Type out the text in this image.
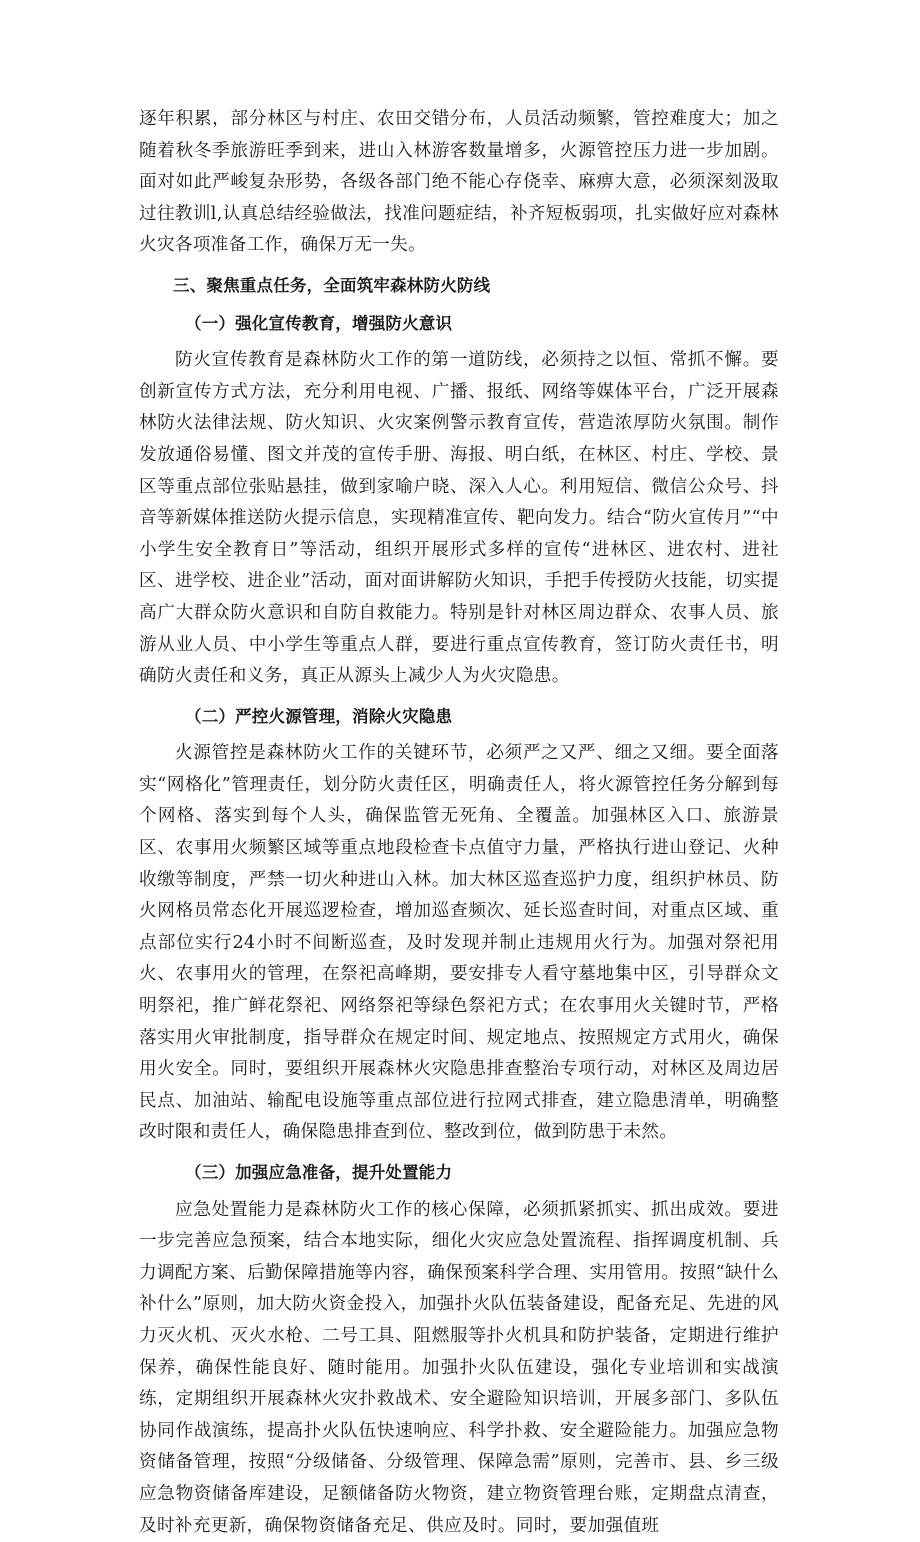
逐年积累，部分林区与村庄、农田交错分布，人员活动频繁，管控难度大；加之随着秋冬季旅游旺季到来，进山入林游客数量增多，火源管控压力进一步加剧。面对如此严峻复杂形势，各级各部门绝不能心存侥幸、麻痹大意，必须深刻汲取过往教训l,认真总结经验做法，找准问题症结，补齐短板弱项，扎实做好应对森林火灾各项准备工作，确保万无一失。

三、聚焦重点任务，全面筑牢森林防火防线
（一）强化宣传教育，增强防火意识

防火宣传教育是森林防火工作的第一道防线，必须持之以恒、常抓不懈。要创新宣传方式方法，充分利用电视、广播、报纸、网络等媒体平台，广泛开展森林防火法律法规、防火知识、火灾案例警示教育宣传，营造浓厚防火氛围。制作发放通俗易懂、图文并茂的宣传手册、海报、明白纸，在林区、村庄、学校、景区等重点部位张贴悬挂，做到家喻户晓、深入人心。利用短信、微信公众号、抖音等新媒体推送防火提示信息，实现精准宣传、靶向发力。结合“防火宣传月”“中小学生安全教育日”等活动，组织开展形式多样的宣传“进林区、进农村、进社区、进学校、进企业”活动，面对面讲解防火知识，手把手传授防火技能，切实提高广大群众防火意识和自防自救能力。特别是针对林区周边群众、农事人员、旅游从业人员、中小学生等重点人群，要进行重点宣传教育，签订防火责任书，明确防火责任和义务，真正从源头上减少人为火灾隐患。

（二）严控火源管理，消除火灾隐患

火源管控是森林防火工作的关键环节，必须严之又严、细之又细。要全面落实“网格化”管理责任，划分防火责任区，明确责任人，将火源管控任务分解到每个网格、落实到每个人头，确保监管无死角、全覆盖。加强林区入口、旅游景区、农事用火频繁区域等重点地段检查卡点值守力量，严格执行进山登记、火种收缴等制度，严禁一切火种进山入林。加大林区巡查巡护力度，组织护林员、防火网格员常态化开展巡逻检查，增加巡查频次、延长巡查时间，对重点区域、重点部位实行24小时不间断巡查，及时发现并制止违规用火行为。加强对祭祀用火、农事用火的管理，在祭祀高峰期，要安排专人看守墓地集中区，引导群众文明祭祀，推广鲜花祭祀、网络祭祀等绿色祭祀方式；在农事用火关键时节，严格落实用火审批制度，指导群众在规定时间、规定地点、按照规定方式用火，确保用火安全。同时，要组织开展森林火灾隐患排查整治专项行动，对林区及周边居民点、加油站、输配电设施等重点部位进行拉网式排查，建立隐患清单，明确整改时限和责任人，确保隐患排查到位、整改到位，做到防患于未然。

（三）加强应急准备，提升处置能力

应急处置能力是森林防火工作的核心保障，必须抓紧抓实、抓出成效。要进一步完善应急预案，结合本地实际，细化火灾应急处置流程、指挥调度机制、兵力调配方案、后勤保障措施等内容，确保预案科学合理、实用管用。按照“缺什么补什么”原则，加大防火资金投入，加强扑火队伍装备建设，配备充足、先进的风力灭火机、灭火水枪、二号工具、阻燃服等扑火机具和防护装备，定期进行维护保养，确保性能良好、随时能用。加强扑火队伍建设，强化专业培训和实战演练，定期组织开展森林火灾扑救战术、安全避险知识培训，开展多部门、多队伍协同作战演练，提高扑火队伍快速响应、科学扑救、安全避险能力。加强应急物资储备管理，按照“分级储备、分级管理、保障急需”原则，完善市、县、乡三级应急物资储备库建设，足额储备防火物资，建立物资管理台账，定期盘点清查，及时补充更新，确保物资储备充足、供应及时。同时，要加强值班
